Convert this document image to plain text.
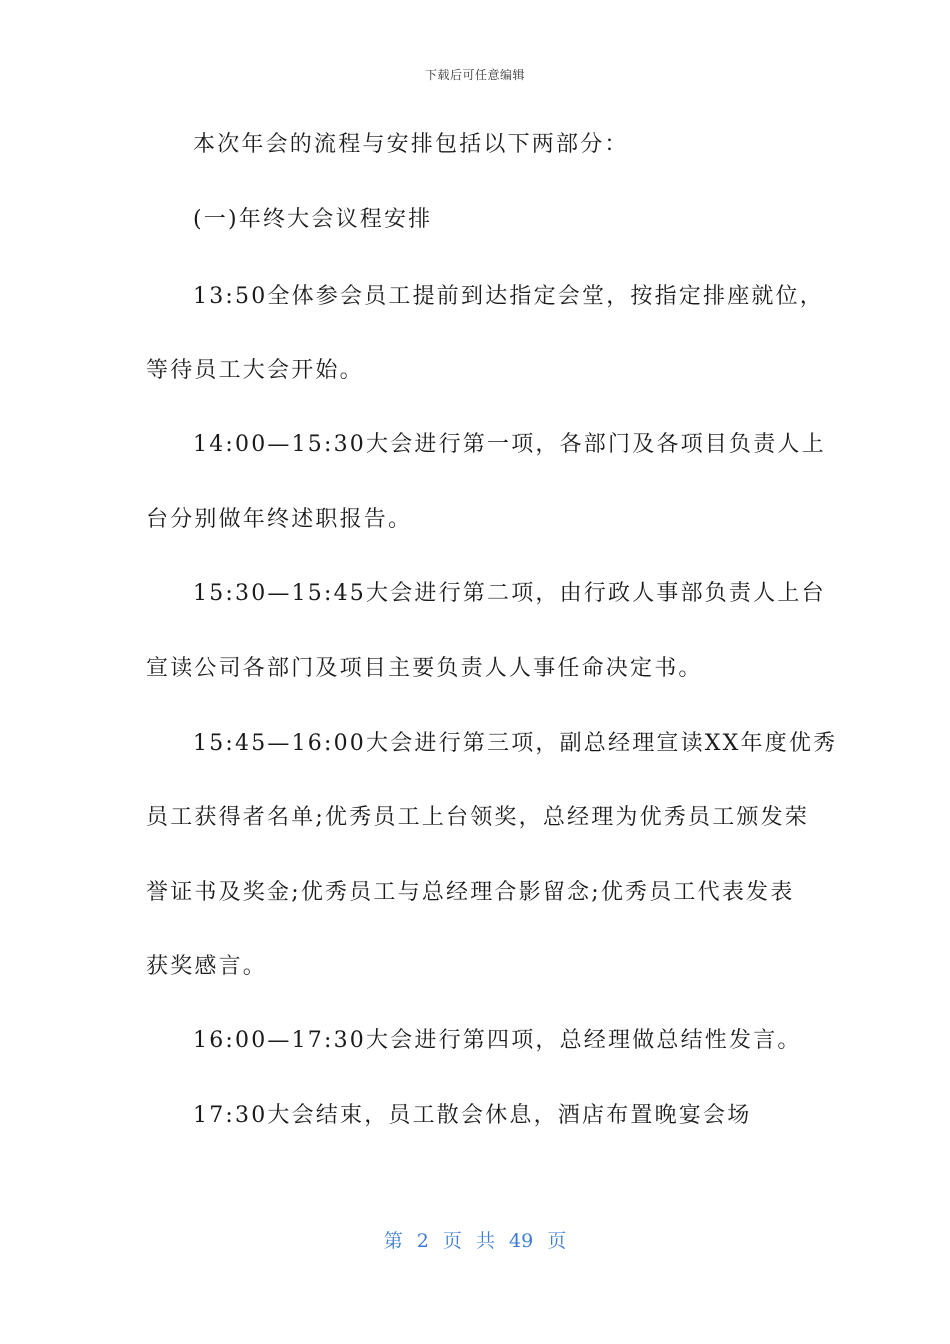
下载后可任意编辑
本次年会的流程与安排包括以下两部分：
(一)年终大会议程安排
13:50全体参会员工提前到达指定会堂，按指定排座就位，
等待员工大会开始。
14:00—15:30大会进行第一项，各部门及各项目负责人上
台分别做年终述职报告。
15:30—15:45大会进行第二项，由行政人事部负责人上台
宣读公司各部门及项目主要负责人人事任命决定书。
15:45—16:00大会进行第三项，副总经理宣读XX年度优秀
员工获得者名单;优秀员工上台领奖，总经理为优秀员工颁发荣
誉证书及奖金;优秀员工与总经理合影留念;优秀员工代表发表
获奖感言。
16:00—17:30大会进行第四项，总经理做总结性发言。
17:30大会结束，员工散会休息，酒店布置晚宴会场
第 2 页 共 49 页
